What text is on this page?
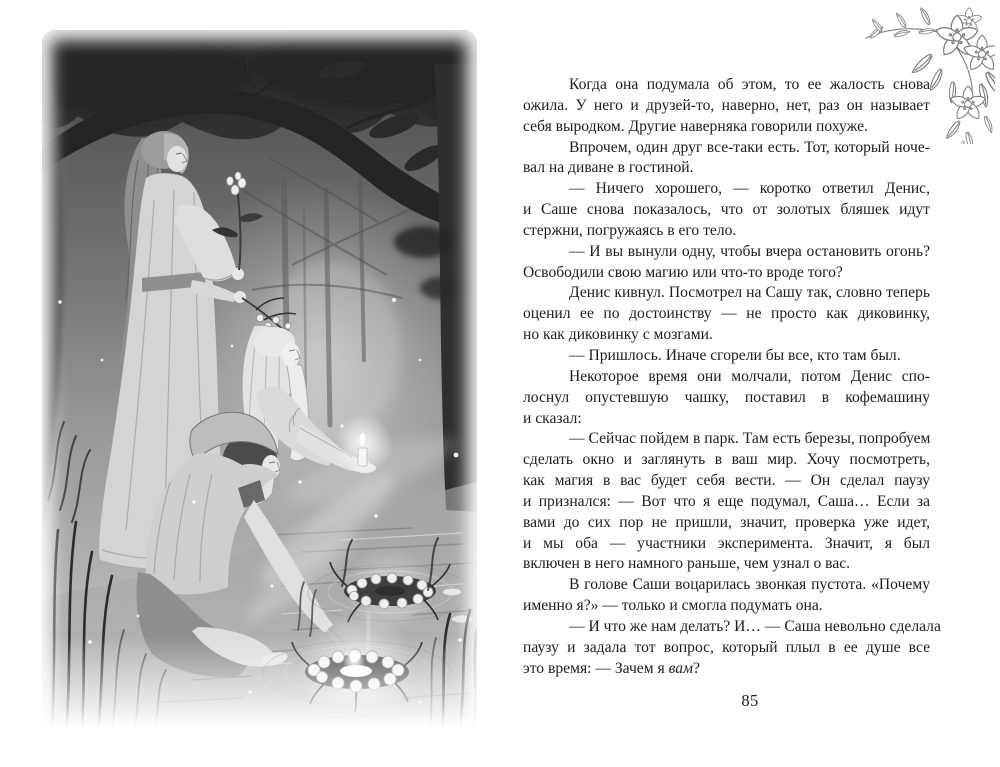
Когда она подумала об этом, то ее жалость снова
ожила. У него и друзей-то, наверно, нет, раз он называет
себя выродком. Другие наверняка говорили похуже.
Впрочем, один друг все-таки есть. Тот, который ноче-
вал на диване в гостиной.
— Ничего хорошего, — коротко ответил Денис,
и Саше снова показалось, что от золотых бляшек идут
стержни, погружаясь в его тело.
— И вы вынули одну, чтобы вчера остановить огонь?
Освободили свою магию или что-то вроде того?
Денис кивнул. Посмотрел на Сашу так, словно теперь
оценил ее по достоинству — не просто как диковинку,
но как диковинку с мозгами.
— Пришлось. Иначе сгорели бы все, кто там был.
Некоторое время они молчали, потом Денис спо-
лоснул опустевшую чашку, поставил в кофемашину
и сказал:
— Сейчас пойдем в парк. Там есть березы, попробуем
сделать окно и заглянуть в ваш мир. Хочу посмотреть,
как магия в вас будет себя вести. — Он сделал паузу
и признался: — Вот что я еще подумал, Саша… Если за
вами до сих пор не пришли, значит, проверка уже идет,
и мы оба — участники эксперимента. Значит, я был
включен в него намного раньше, чем узнал о вас.
В голове Саши воцарилась звонкая пустота. «Почему
именно я?» — только и смогла подумать она.
— И что же нам делать? И… — Саша невольно сделала
паузу и задала тот вопрос, который плыл в ее душе все
это время: — Зачем я вам?
85
